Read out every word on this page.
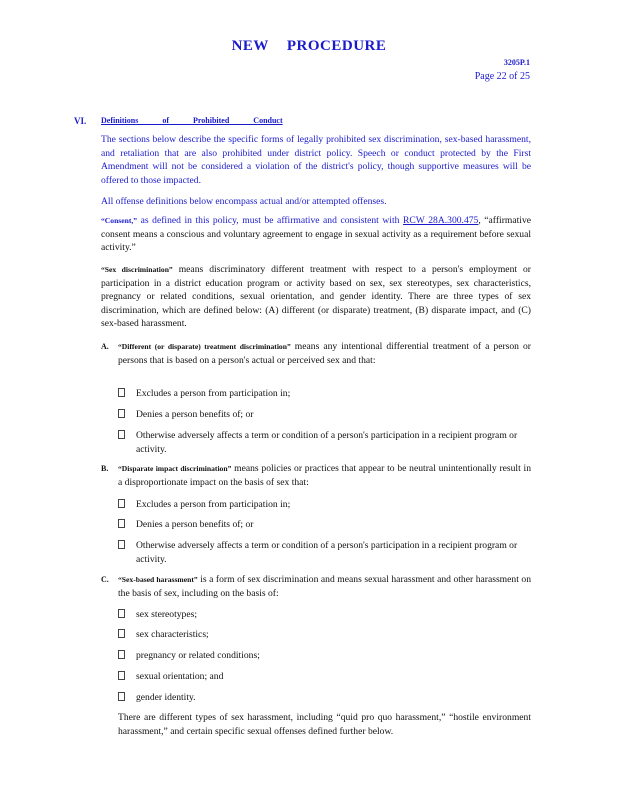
NEW PROCEDURE
3205P.1
Page 22 of 25
VI. Definitions of Prohibited Conduct
The sections below describe the specific forms of legally prohibited sex discrimination, sex-based harassment, and retaliation that are also prohibited under district policy. Speech or conduct protected by the First Amendment will not be considered a violation of the district's policy, though supportive measures will be offered to those impacted.
All offense definitions below encompass actual and/or attempted offenses.
“Consent,” as defined in this policy, must be affirmative and consistent with RCW 28A.300.475, “affirmative consent means a conscious and voluntary agreement to engage in sexual activity as a requirement before sexual activity.”
“Sex discrimination” means discriminatory different treatment with respect to a person's employment or participation in a district education program or activity based on sex, sex stereotypes, sex characteristics, pregnancy or related conditions, sexual orientation, and gender identity. There are three types of sex discrimination, which are defined below: (A) different (or disparate) treatment, (B) disparate impact, and (C) sex-based harassment.
A. “Different (or disparate) treatment discrimination” means any intentional differential treatment of a person or persons that is based on a person's actual or perceived sex and that:
Excludes a person from participation in;
Denies a person benefits of; or
Otherwise adversely affects a term or condition of a person's participation in a recipient program or activity.
B. “Disparate impact discrimination” means policies or practices that appear to be neutral unintentionally result in a disproportionate impact on the basis of sex that:
Excludes a person from participation in;
Denies a person benefits of; or
Otherwise adversely affects a term or condition of a person's participation in a recipient program or activity.
C. “Sex-based harassment” is a form of sex discrimination and means sexual harassment and other harassment on the basis of sex, including on the basis of:
sex stereotypes;
sex characteristics;
pregnancy or related conditions;
sexual orientation; and
gender identity.
There are different types of sex harassment, including “quid pro quo harassment,” “hostile environment harassment,” and certain specific sexual offenses defined further below.
